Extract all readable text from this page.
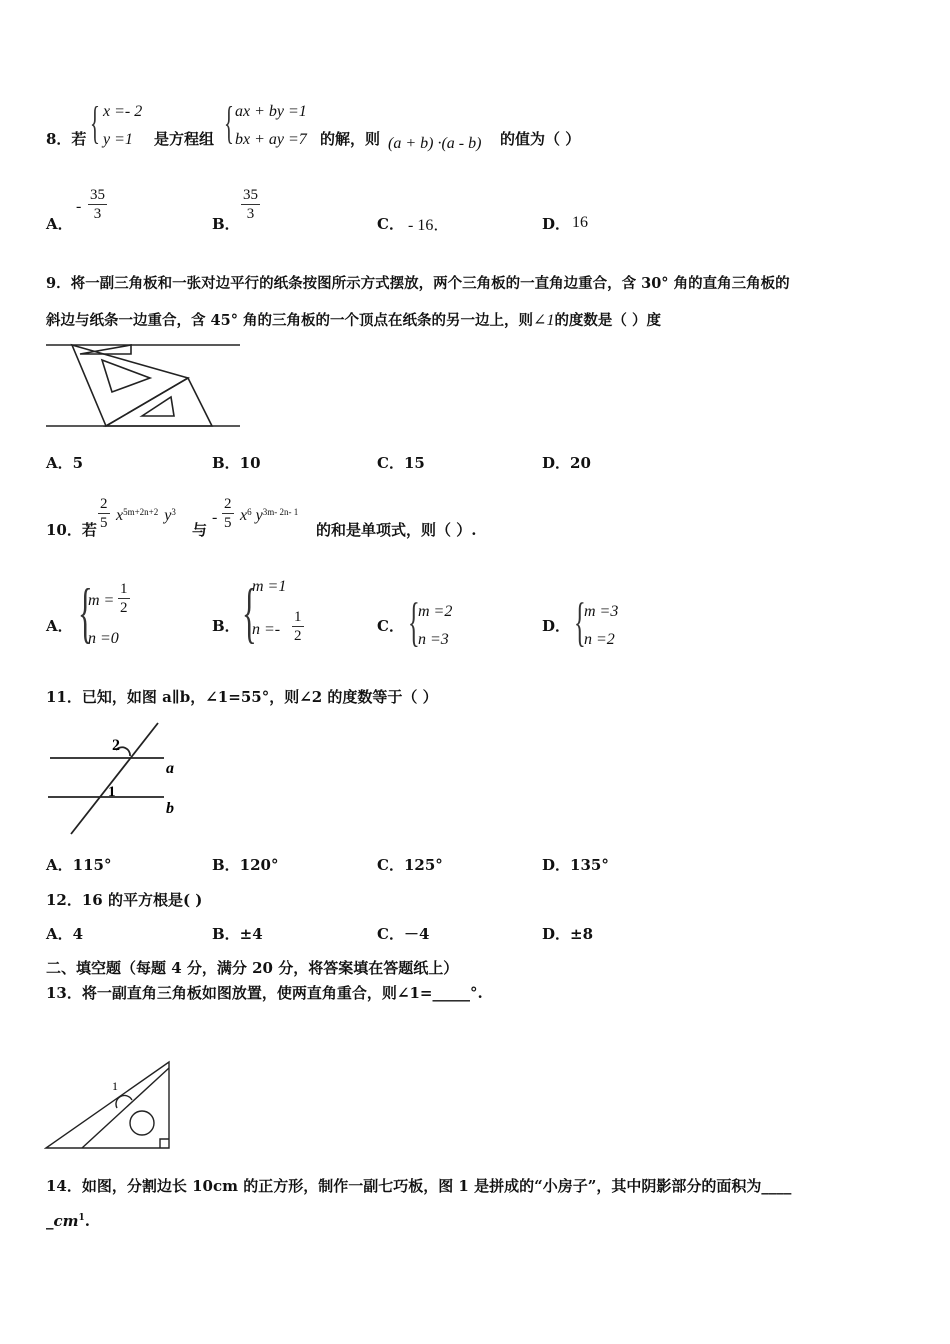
8．若 { x =- 2
y =1 是方程组 { ax + by =1
bx + ay =7 的解，则 (a + b) ·(a - b) 的值为（ ）
A．
- $\frac{35}{3}$
B．
$\frac{35}{3}$
C． - 16．	D． 16
9．将一副三角板和一张对边平行的纸条按图所示方式摆放，两个三角板的一直角边重合，含 30° 角的直角三角板的
斜边与纸条一边重合，含 45° 角的三角板的一个顶点在纸条的另一边上，则∠1的度数是（ ）度
A．5	B．10	C．15	D．20
10．若 $\frac{2}{5} x^{5m+2n+2}$ $y^3$
与
- $\frac{2}{5} x^6$ $y^{3m- 2n- 1}$
的和是单项式，则（ ）.
A． {
$m = \frac{1}{2}$
n =0
B． {
m =1
$n =- \frac{1}{2}$	C． {
m =2
n =3
D． {
m =3
n =2
11．已知，如图 a∥b，∠1=55°，则∠2 的度数等于（ ）
2
1
a
b
A．115°	B．120°	C．125°	D．135°
12．16 的平方根是( )
A．4	B．±4	C．－4	D．±8
二、填空题（每题 4 分，满分 20 分，将答案填在答题纸上）
13．将一副直角三角板如图放置，使两直角重合，则∠1=_____°.
1
14．如图，分割边长 10cm 的正方形，制作一副七巧板，图 1 是拼成的“小房子”，其中阴影部分的面积为____
$\_cm^1$.
